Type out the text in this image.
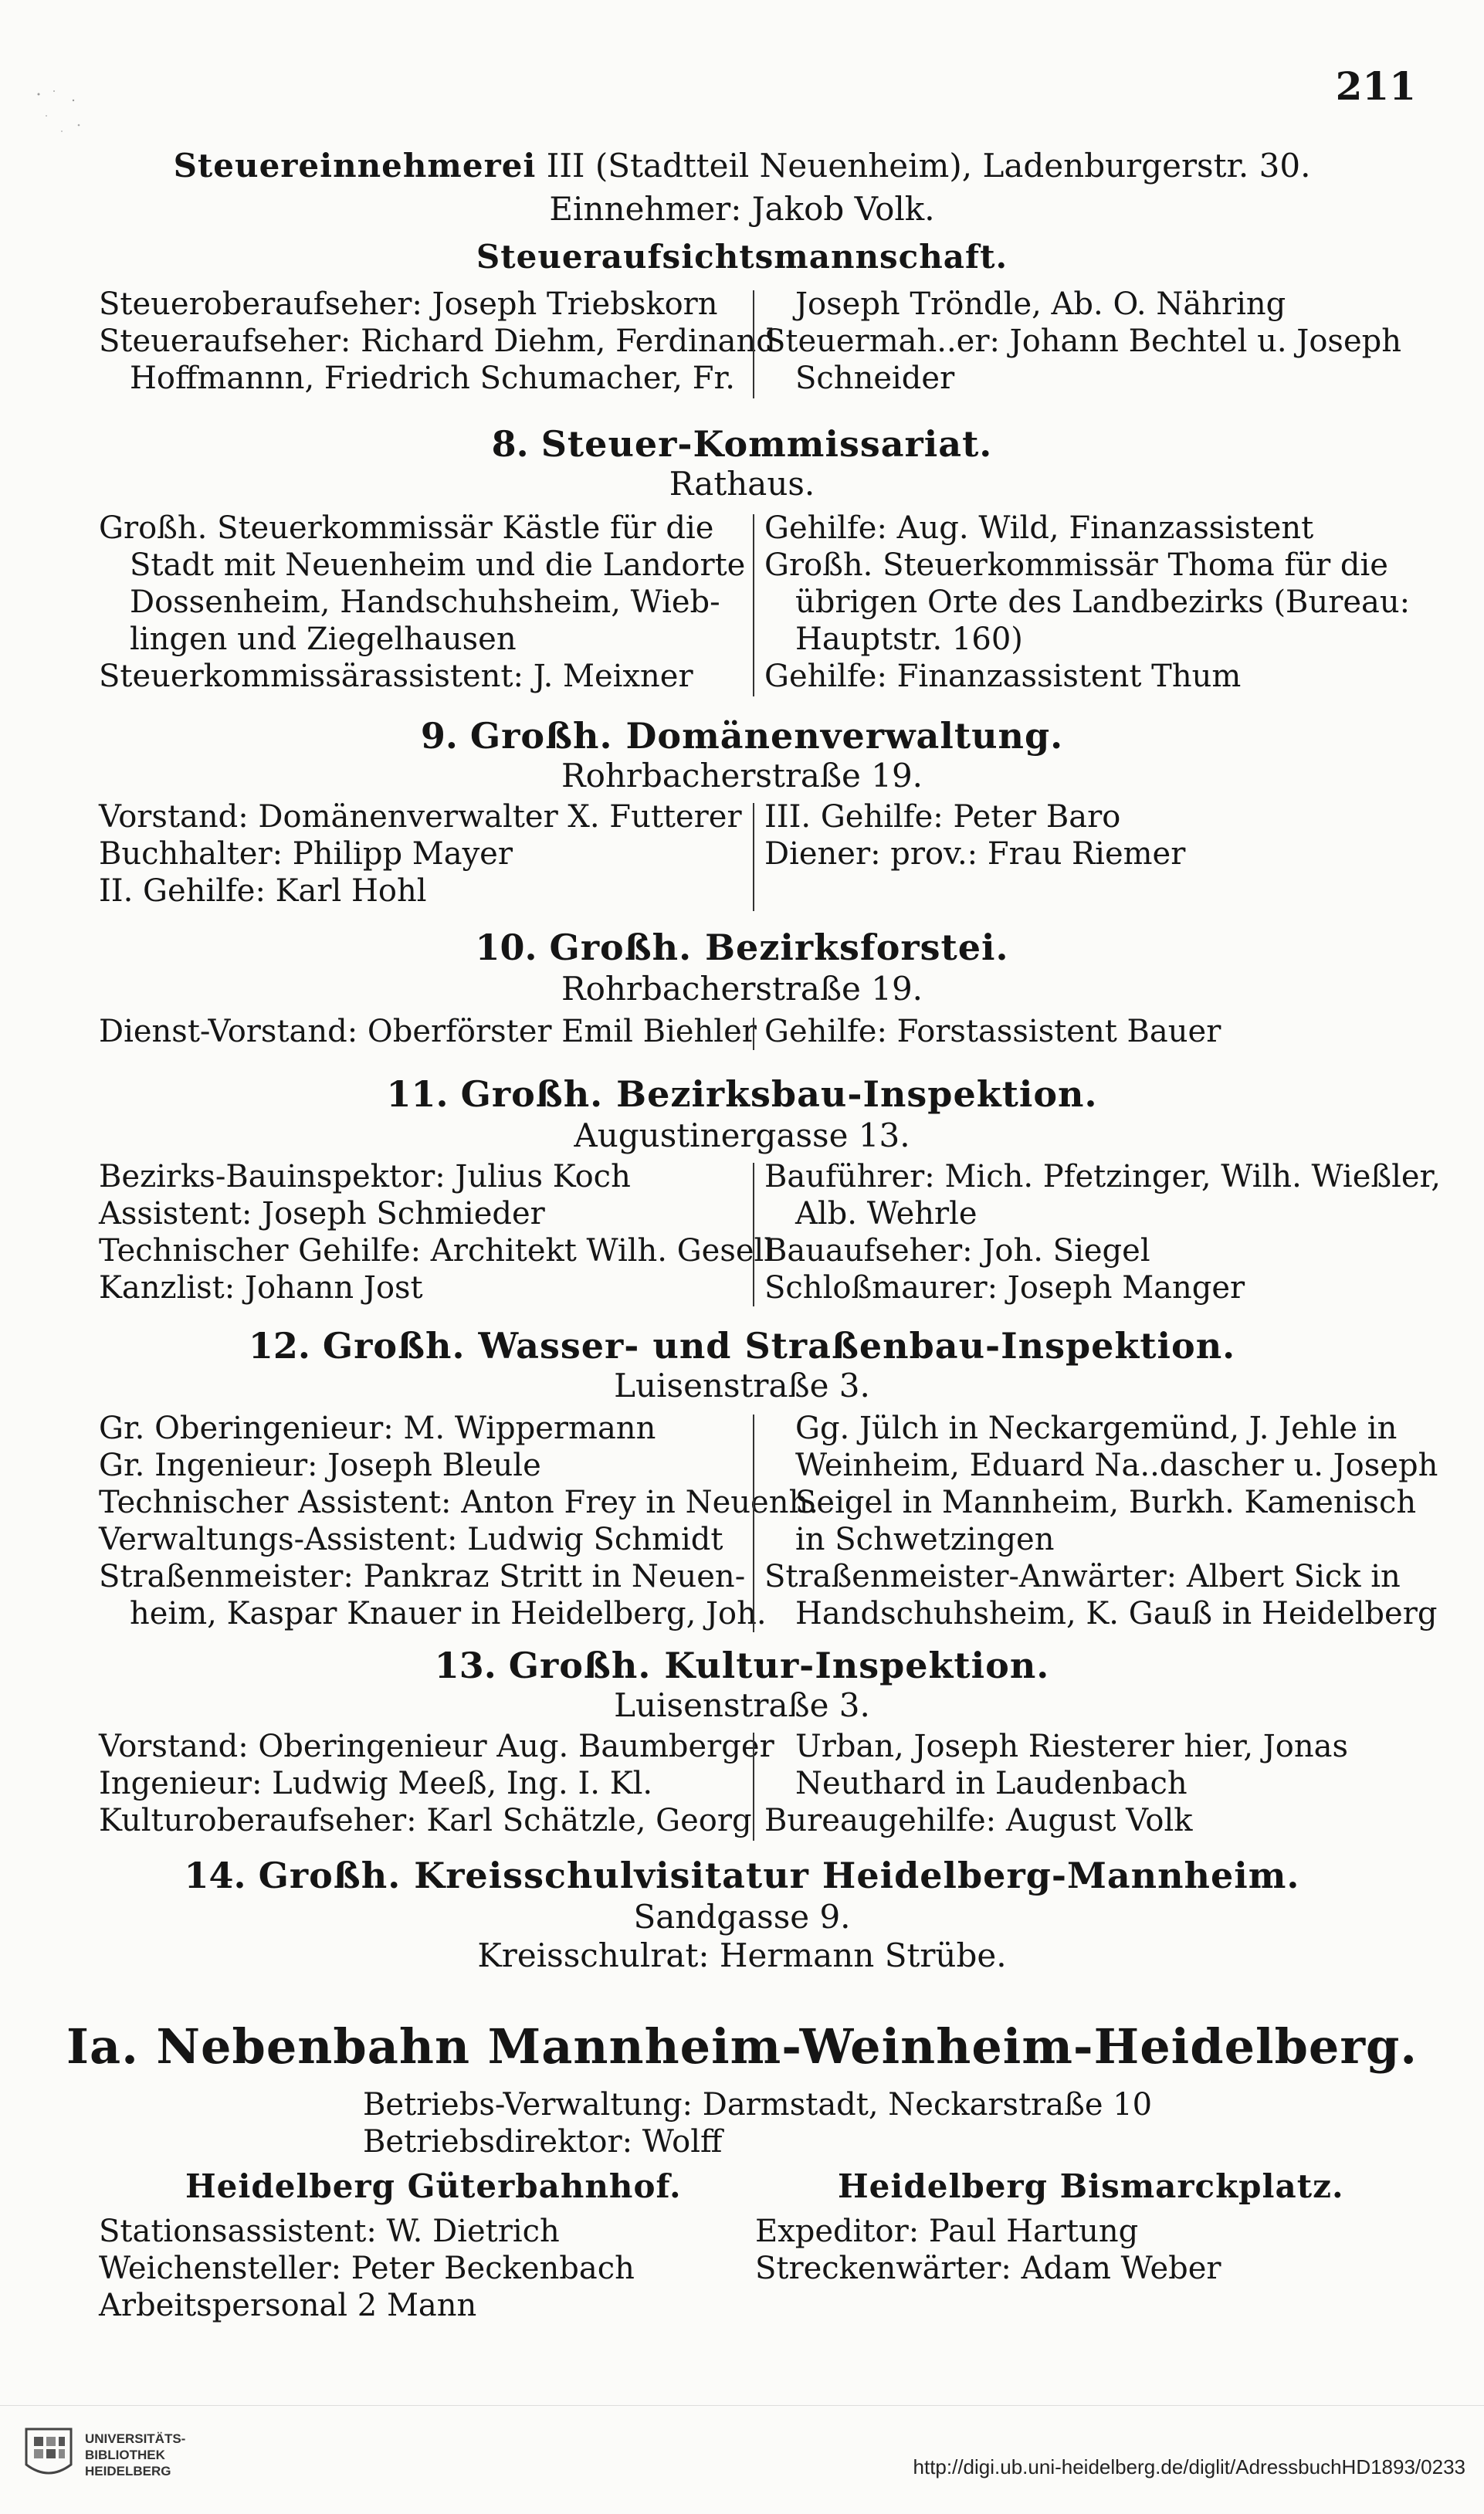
211
Steuereinnehmerei III (Stadtteil Neuenheim), Ladenburgerstr. 30.
Einnehmer: Jakob Volk.
Steueraufsichtsmannschaft.
Steueroberaufseher: Joseph Triebskorn
Steueraufseher: Richard Diehm, Ferdinand
Hoffmannn, Friedrich Schumacher, Fr.
Joseph Tröndle, Ab. O. Nähring
Steuermah..er: Johann Bechtel u. Joseph
Schneider
8. Steuer-Kommissariat.
Rathaus.
Großh. Steuerkommissär Kästle für die
Stadt mit Neuenheim und die Landorte
Dossenheim, Handschuhsheim, Wieb-
lingen und Ziegelhausen
Steuerkommissärassistent: J. Meixner
Gehilfe: Aug. Wild, Finanzassistent
Großh. Steuerkommissär Thoma für die
übrigen Orte des Landbezirks (Bureau:
Hauptstr. 160)
Gehilfe: Finanzassistent Thum
9. Großh. Domänenverwaltung.
Rohrbacherstraße 19.
Vorstand: Domänenverwalter X. Futterer
Buchhalter: Philipp Mayer
II. Gehilfe: Karl Hohl
III. Gehilfe: Peter Baro
Diener: prov.: Frau Riemer
10. Großh. Bezirksforstei.
Rohrbacherstraße 19.
Dienst-Vorstand: Oberförster Emil Biehler Gehilfe: Forstassistent Bauer
11. Großh. Bezirksbau-Inspektion.
Augustinergasse 13.
Bezirks-Bauinspektor: Julius Koch
Assistent: Joseph Schmieder
Technischer Gehilfe: Architekt Wilh. Gesell
Kanzlist: Johann Jost
Bauführer: Mich. Pfetzinger, Wilh. Wießler,
Alb. Wehrle
Bauaufseher: Joh. Siegel
Schloßmaurer: Joseph Manger
12. Großh. Wasser- und Straßenbau-Inspektion.
Luisenstraße 3.
Gr. Oberingenieur: M. Wippermann
Gr. Ingenieur: Joseph Bleule
Technischer Assistent: Anton Frey in Neuenh.
Verwaltungs-Assistent: Ludwig Schmidt
Straßenmeister: Pankraz Stritt in Neuen-
heim, Kaspar Knauer in Heidelberg, Joh.
Gg. Jülch in Neckargemünd, J. Jehle in
Weinheim, Eduard Na..dascher u. Joseph
Seigel in Mannheim, Burkh. Kamenisch
in Schwetzingen
Straßenmeister-Anwärter: Albert Sick in
Handschuhsheim, K. Gauß in Heidelberg
13. Großh. Kultur-Inspektion.
Luisenstraße 3.
Vorstand: Oberingenieur Aug. Baumberger
Ingenieur: Ludwig Meeß, Ing. I. Kl.
Kulturoberaufseher: Karl Schätzle, Georg
Urban, Joseph Riesterer hier, Jonas
Neuthard in Laudenbach
Bureaugehilfe: August Volk
14. Großh. Kreisschulvisitatur Heidelberg-Mannheim.
Sandgasse 9.
Kreisschulrat: Hermann Strübe.
Ia. Nebenbahn Mannheim-Weinheim-Heidelberg.
Betriebs-Verwaltung: Darmstadt, Neckarstraße 10
Betriebsdirektor: Wolff
Heidelberg Güterbahnhof.	Heidelberg Bismarckplatz.
Stationsassistent: W. Dietrich
Weichensteller: Peter Beckenbach
Arbeitspersonal 2 Mann
Expeditor: Paul Hartung
Streckenwärter: Adam Weber
UNIVERSITÄTS-
BIBLIOTHEK
HEIDELBERG	http://digi.ub.uni-heidelberg.de/diglit/AdressbuchHD1893/0233
